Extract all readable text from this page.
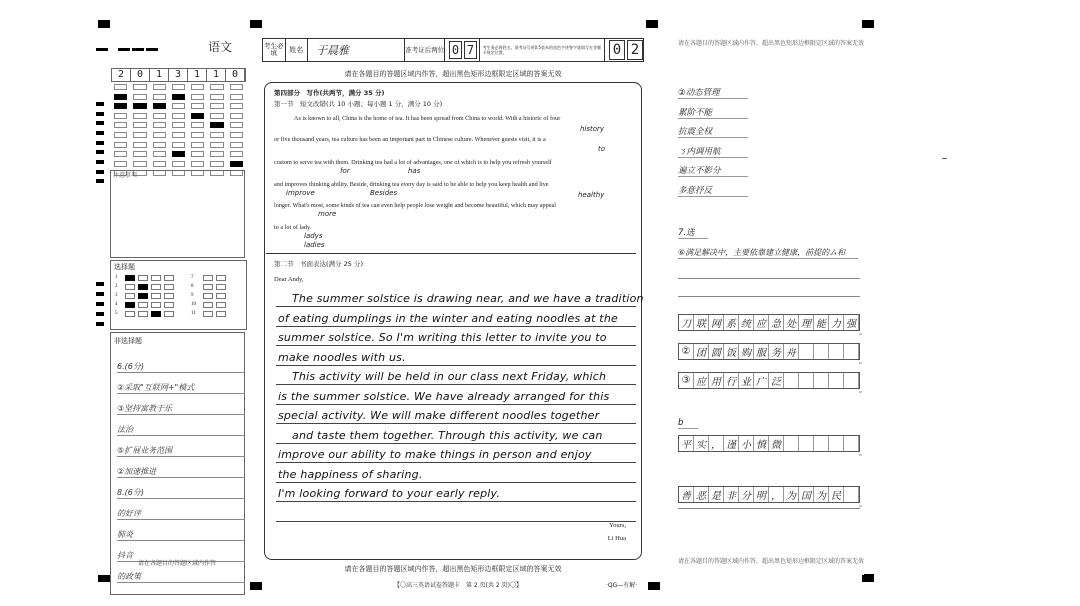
语文
2	0	1	3	1	1	0
注意事项
选择题
1	7
2	8
3	9
4	10
5	11
非选择题
6.(6分)
②采取"互联网+"模式
③坚持寓教于乐
法治
⑤扩展业务范围
②加速推进
8.(6分)
的好评
肺炎
抖音
的政策
请在各题目的答题区域内作答
考生必填	姓名	于晨雅	准考证后两位 0 7	考生务必将姓名、准考证号用0.5毫米的黑色字迹签字笔填写在答题卡规定位置。	0 2
请在各题目的答题区域内作答，超出黑色矩形边框限定区域的答案无效
第四部分　写作(共两节，满分 35 分)
第一节　短文改错(共 10 小题；每小题 1 分，满分 10 分)
As is known to all, China is the home of tea. It has been spread from China to world. With a historic of four
history
or five thousand years, tea culture has been an important part in Chinese culture. Whenever guests visit, it is a
to
custom to serve tea with them. Drinking tea had a lot of advantages, one of which is to help you refresh yourself
for	has
and improves thinking ability. Beside, drinking tea every day is said to be able to help you keep health and live
improve	Besides	healthy
longer. What's most, some kinds of tea can even help people lose weight and become beautiful, which may appeal
more
to a lot of lady.
ladys
ladies
第二节　书面表达(满分 25 分)
Dear Andy,
The summer solstice is drawing near, and we have a tradition
of eating dumplings in the winter and eating noodles at the
summer solstice. So I'm writing this letter to invite you to
make noodles with us.
This activity will be held in our class next Friday, which
is the summer solstice. We have already arranged for this
special activity. We will make different noodles together
and taste them together. Through this activity, we can
improve our ability to make things in person and enjoy
the happiness of sharing.
I'm looking forward to your early reply.
Yours,
Li Hua
请在各题目的答题区域内作答，超出黑色矩形边框限定区域的答案无效
【〇高三英语试卷答题卡　第 2 页(共 2 页)〇】	·QG—有解·
请在各题目的答题区域内作答，超出黑色矩形边框限定区域的答案无效
②动态管理
累阶不能
抗震全权
ㄋ内调用航
遍立不影分
多意抒反
7.选
⑥满足解决中，主要依靠建立健康，前提的ム和
刀 联 网 系 统 应 急 处 理 能 力 强
10
② 团 圆 饭 购 服 务 舟
10
③ 应 用 行 业 广 泛
10
平 实 ， 谨 小 慎 微
10
善 恶 是 非 分 明 ， 为 国 为 民
10
b
请在各题目的答题区域内作答，超出黑色矩形边框限定区域的答案无效
